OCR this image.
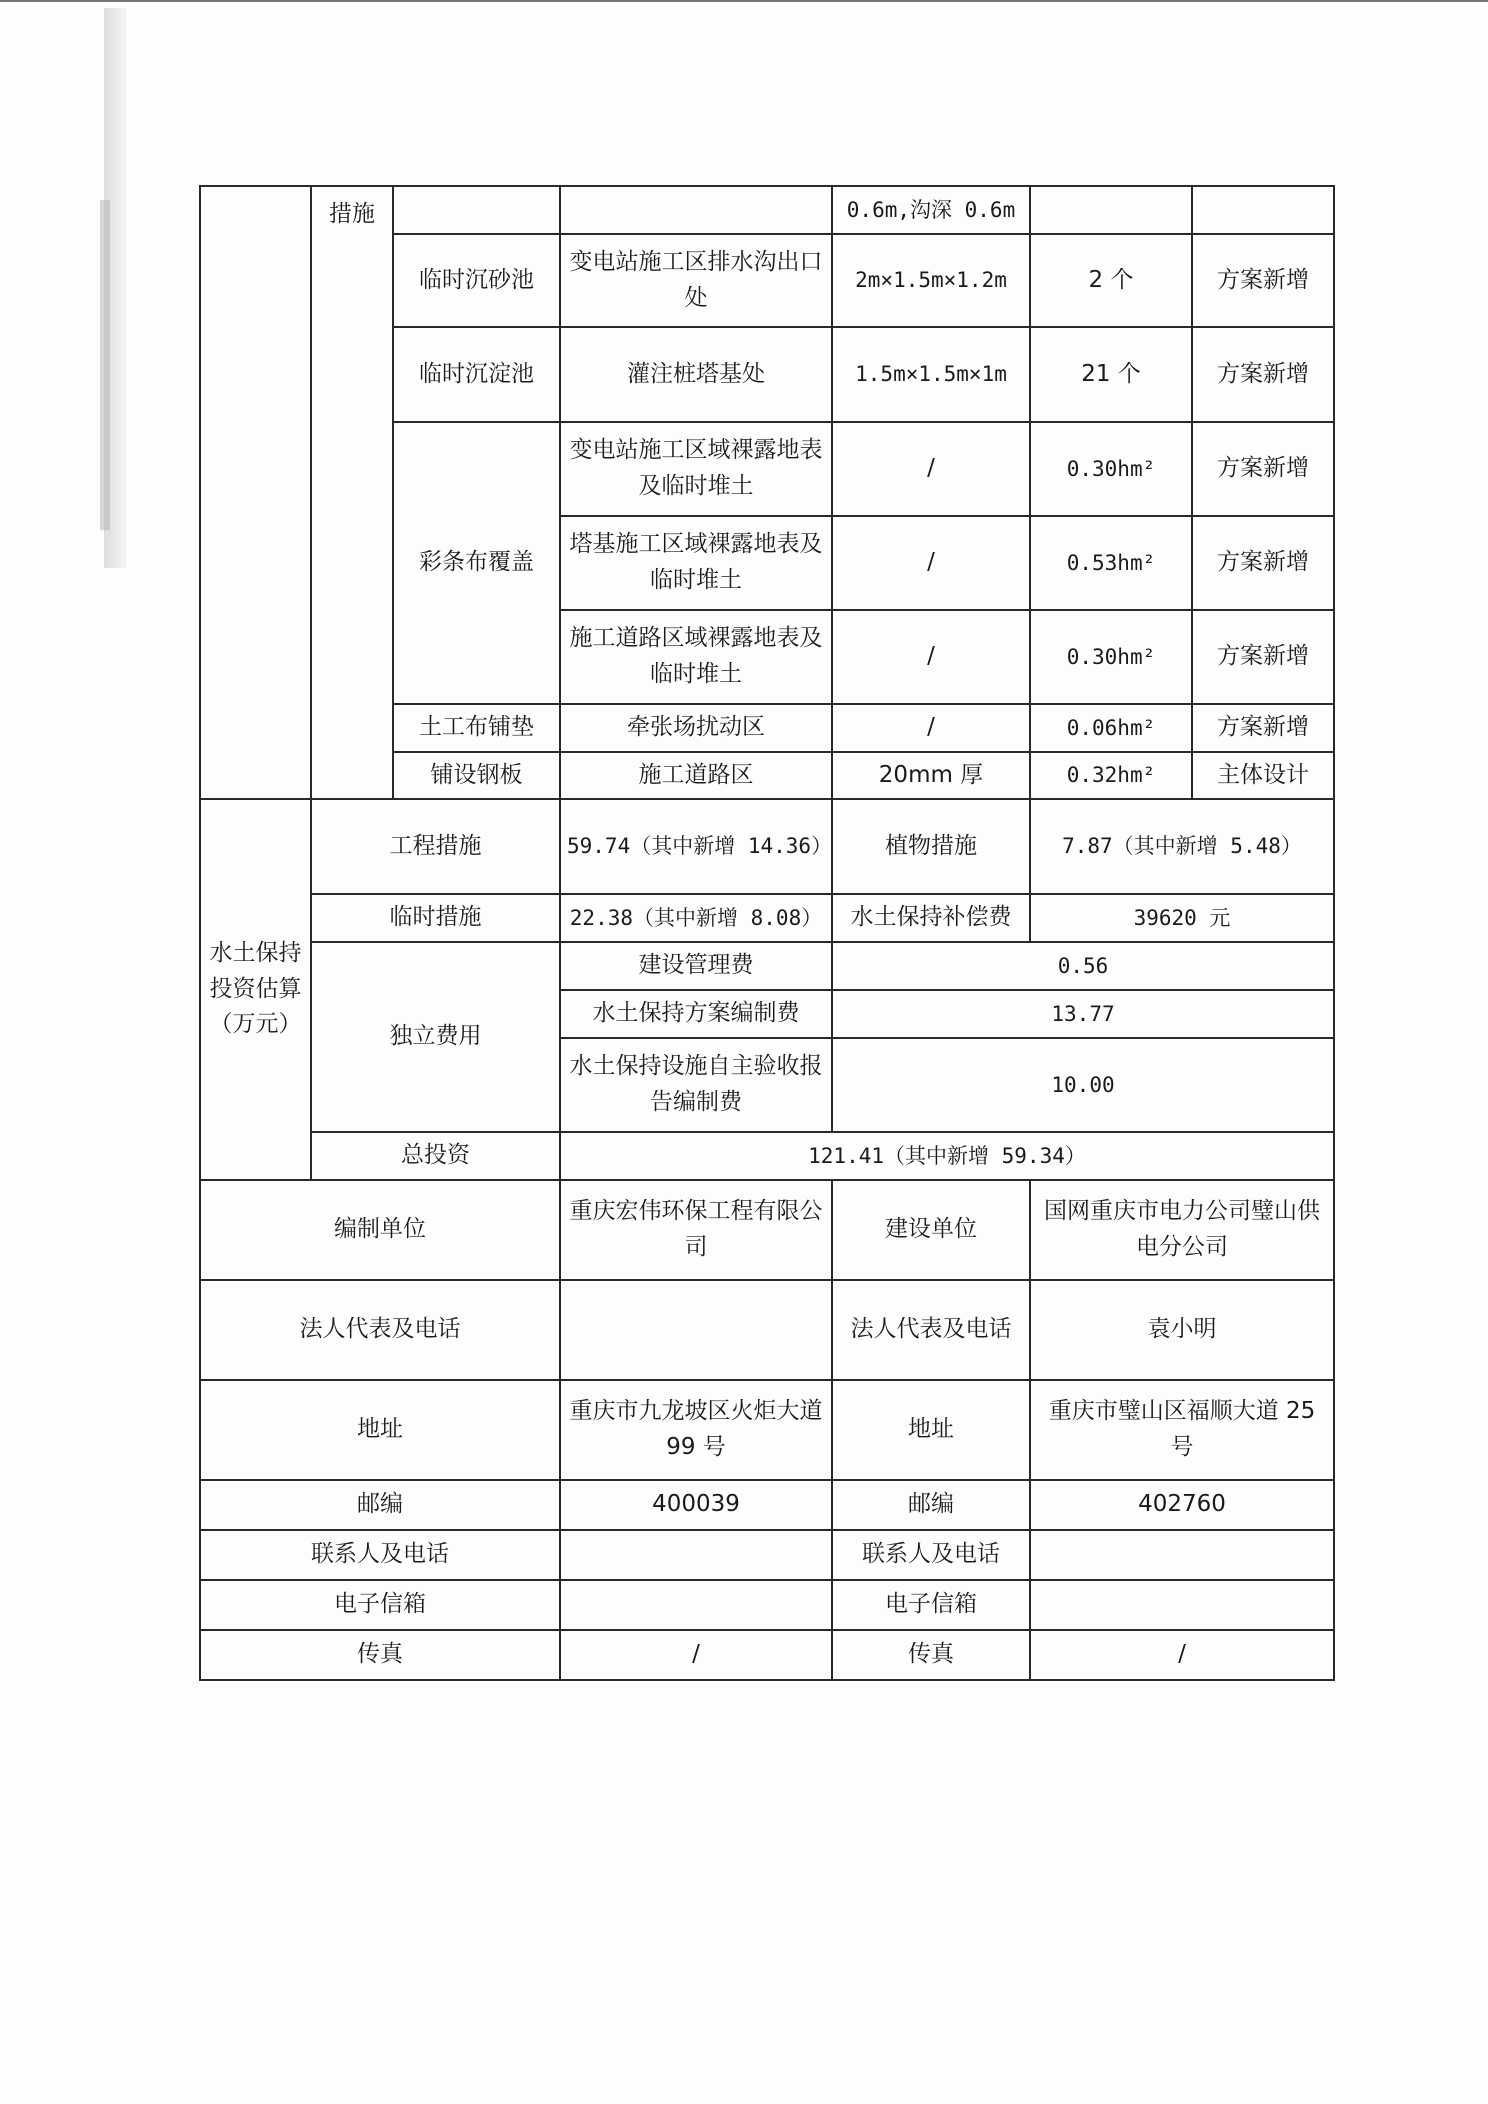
	措施			0.6m,沟深 0.6m		
		临时沉砂池	变电站施工区排水沟出口处	2m×1.5m×1.2m	2 个	方案新增
		临时沉淀池	灌注桩塔基处	1.5m×1.5m×1m	21 个	方案新增
		彩条布覆盖	变电站施工区域裸露地表及临时堆土	/	0.30hm²	方案新增
			塔基施工区域裸露地表及临时堆土	/	0.53hm²	方案新增
			施工道路区域裸露地表及临时堆土	/	0.30hm²	方案新增
		土工布铺垫	牵张场扰动区	/	0.06hm²	方案新增
		铺设钢板	施工道路区	20mm 厚	0.32hm²	主体设计

水土保持投资估算（万元）	工程措施		59.74（其中新增 14.36）	植物措施	7.87（其中新增 5.48）	
	临时措施		22.38（其中新增 8.08）	水土保持补偿费	39620 元	
	独立费用		建设管理费	0.56		
			水土保持方案编制费	13.77		
			水土保持设施自主验收报告编制费	10.00		
	总投资		121.41（其中新增 59.34）			
编制单位			重庆宏伟环保工程有限公司	建设单位	国网重庆市电力公司璧山供电分公司	
法人代表及电话				法人代表及电话	袁小明	
地址			重庆市九龙坡区火炬大道 99 号	地址	重庆市璧山区福顺大道 25 号	
邮编			400039	邮编	402760	
联系人及电话				联系人及电话		
电子信箱				电子信箱		
传真			/	传真	/	
